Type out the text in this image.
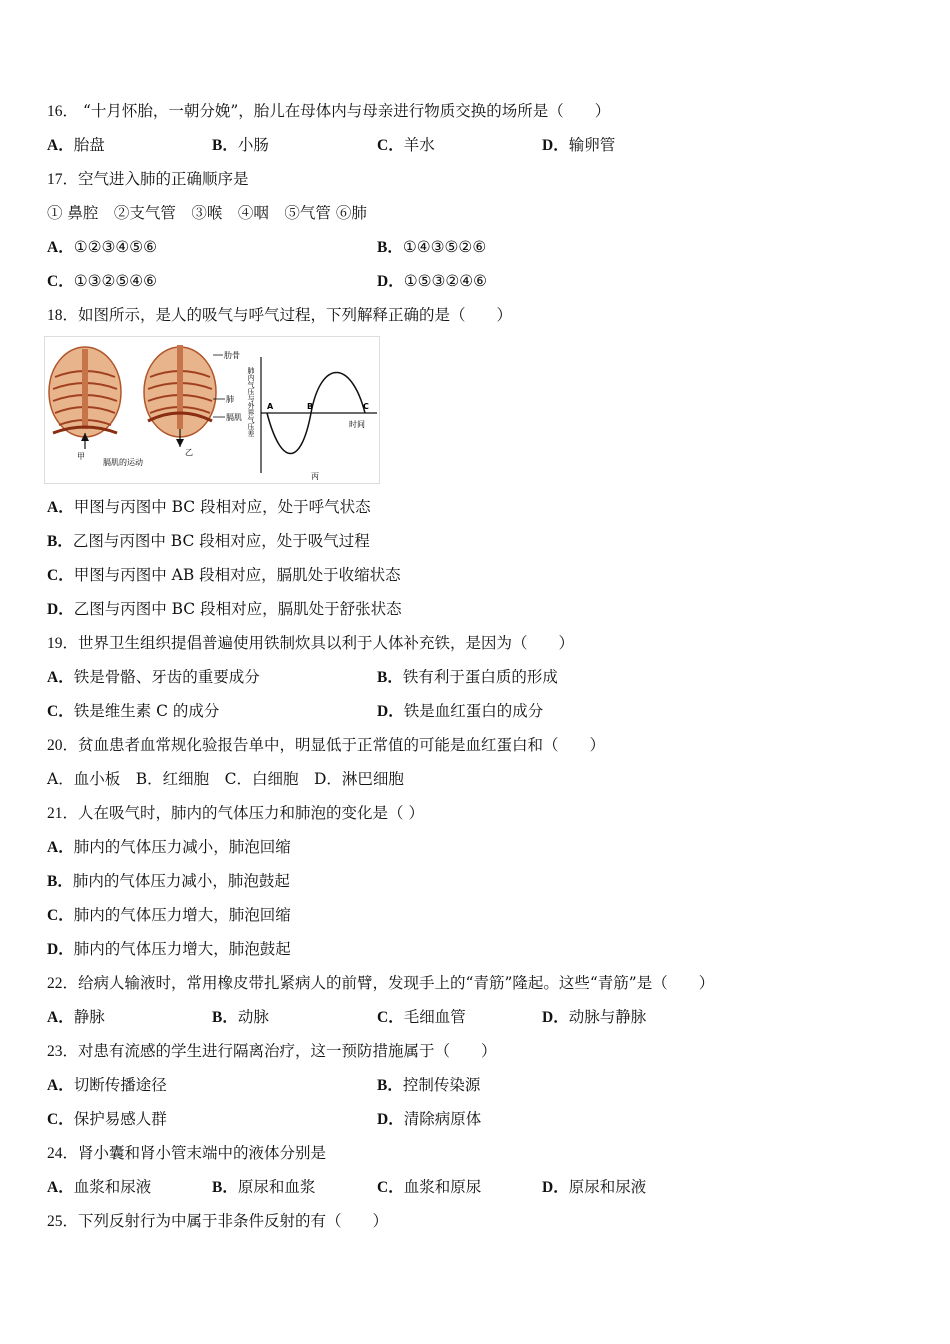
16． “十月怀胎，一朝分娩”，胎儿在母体内与母亲进行物质交换的场所是（　　）
A．胎盘	B．小肠	C．羊水	D．输卵管
17．空气进入肺的正确顺序是
① 鼻腔　②支气管　③喉　④咽　⑤气管 ⑥肺
A．①②③④⑤⑥	B．①④③⑤②⑥
C．①③②⑤④⑥	D．①⑤③②④⑥
18．如图所示，是人的吸气与呼气过程，下列解释正确的是（　　）
甲	乙
肋骨
肺
膈肌
膈肌的运动
肺内气压与外界气压差 A	B	C
时间
丙
A．甲图与丙图中 BC 段相对应，处于呼气状态
B．乙图与丙图中 BC 段相对应，处于吸气过程
C．甲图与丙图中 AB 段相对应，膈肌处于收缩状态
D．乙图与丙图中 BC 段相对应，膈肌处于舒张状态
19．世界卫生组织提倡普遍使用铁制炊具以利于人体补充铁，是因为（　　）
A．铁是骨骼、牙齿的重要成分	B．铁有利于蛋白质的形成
C．铁是维生素 C 的成分	D．铁是血红蛋白的成分
20．贫血患者血常规化验报告单中，明显低于正常值的可能是血红蛋白和（　　）
A．血小板　B．红细胞　C．白细胞　D．淋巴细胞
21．人在吸气时，肺内的气体压力和肺泡的变化是（ ）
A．肺内的气体压力减小，肺泡回缩
B．肺内的气体压力减小，肺泡鼓起
C．肺内的气体压力增大，肺泡回缩
D．肺内的气体压力增大，肺泡鼓起
22．给病人输液时，常用橡皮带扎紧病人的前臂，发现手上的“青筋”隆起。这些“青筋”是（　　）
A．静脉	B．动脉	C．毛细血管	D．动脉与静脉
23．对患有流感的学生进行隔离治疗，这一预防措施属于（　　）
A．切断传播途径	B．控制传染源
C．保护易感人群	D．清除病原体
24．肾小囊和肾小管末端中的液体分别是
A．血浆和尿液	B．原尿和血浆	C．血浆和原尿	D．原尿和尿液
25．下列反射行为中属于非条件反射的有（　　）
